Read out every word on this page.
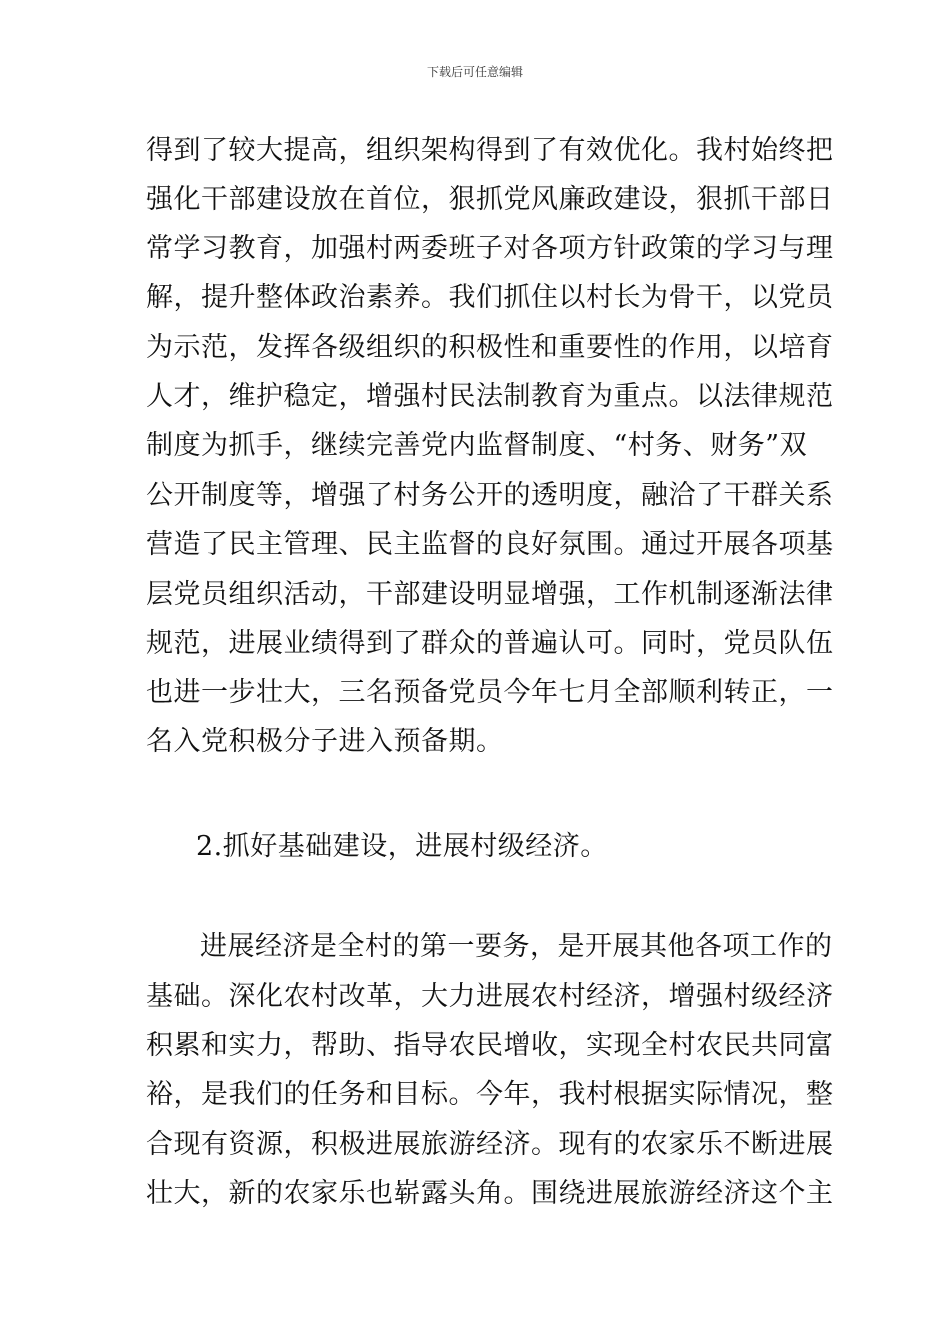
下载后可任意编辑
得到了较大提高，组织架构得到了有效优化。我村始终把
强化干部建设放在首位，狠抓党风廉政建设，狠抓干部日
常学习教育，加强村两委班子对各项方针政策的学习与理
解，提升整体政治素养。我们抓住以村长为骨干，以党员
为示范，发挥各级组织的积极性和重要性的作用，以培育
人才，维护稳定，增强村民法制教育为重点。以法律规范
制度为抓手，继续完善党内监督制度、“村务、财务”双
公开制度等，增强了村务公开的透明度，融洽了干群关系
营造了民主管理、民主监督的良好氛围。通过开展各项基
层党员组织活动，干部建设明显增强，工作机制逐渐法律
规范，进展业绩得到了群众的普遍认可。同时，党员队伍
也进一步壮大，三名预备党员今年七月全部顺利转正，一
名入党积极分子进入预备期。
2.抓好基础建设，进展村级经济。
进展经济是全村的第一要务，是开展其他各项工作的
基础。深化农村改革，大力进展农村经济，增强村级经济
积累和实力，帮助、指导农民增收，实现全村农民共同富
裕，是我们的任务和目标。今年，我村根据实际情况，整
合现有资源，积极进展旅游经济。现有的农家乐不断进展
壮大，新的农家乐也崭露头角。围绕进展旅游经济这个主
